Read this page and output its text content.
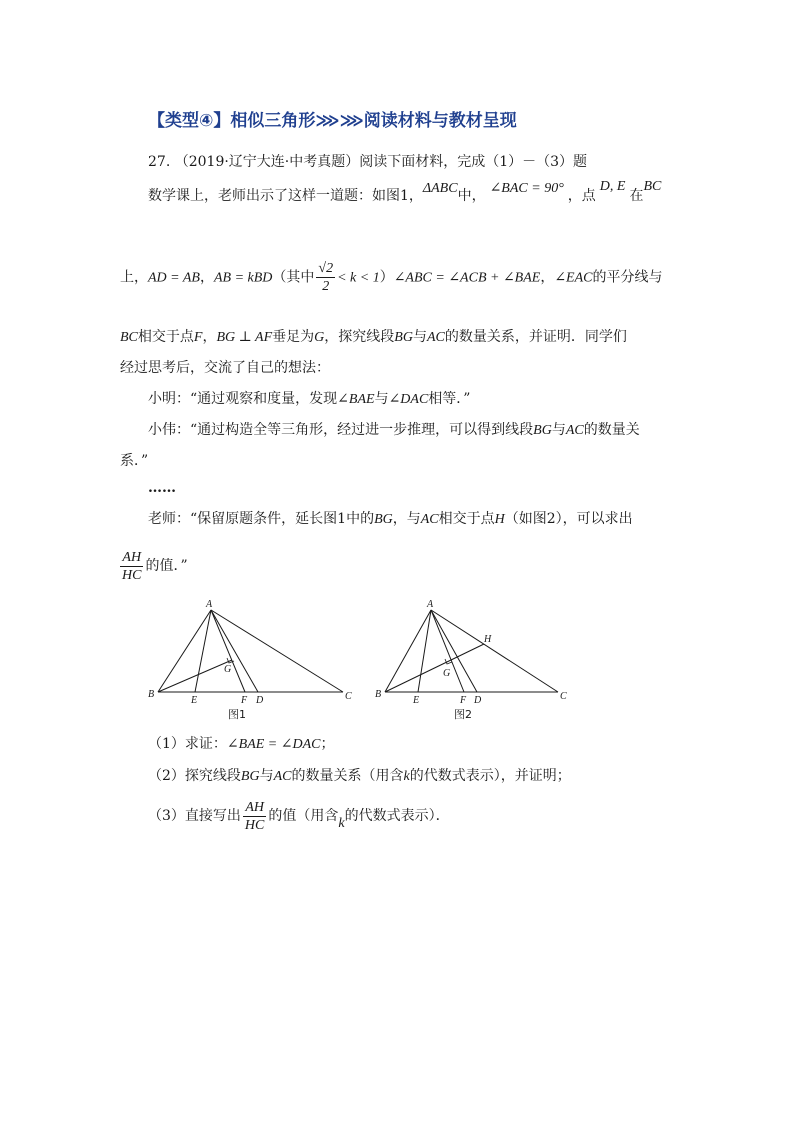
【类型④】相似三角形⋙⋙阅读材料与教材呈现
27. （2019·辽宁大连·中考真题）阅读下面材料，完成（1）－（3）题
数学课上，老师出示了这样一道题：如图1，ΔABC中， ∠BAC = 90° ，点D, E在BC
上，AD = AB，AB = kBD（其中 $\frac{√2}{2} < k$ < 1）∠ABC = ∠ACB + ∠BAE，∠EAC的平分线与
BC相交于点F，BG ⊥ AF垂足为G，探究线段BG与AC的数量关系，并证明．同学们
经过思考后，交流了自己的想法：
小明：“通过观察和度量，发现∠BAE与∠DAC相等．”
小伟：“通过构造全等三角形，经过进一步推理，可以得到线段BG与AC的数量关
系．”
……
老师：“保留原题条件，延长图1中的BG，与AC相交于点H（如图2），可以求出
$\frac{AH}{HC}$ 的值．”
A
B	C
D
E	F
G
图1
A
B	C
D
E	F
G
H
图2
（1）求证：∠BAE = ∠DAC；
（2）探究线段BG与AC的数量关系（用含k的代数式表示），并证明；
（3）直接写出 $\frac{AH}{HC}$ 的值（用含k的代数式表示）．
